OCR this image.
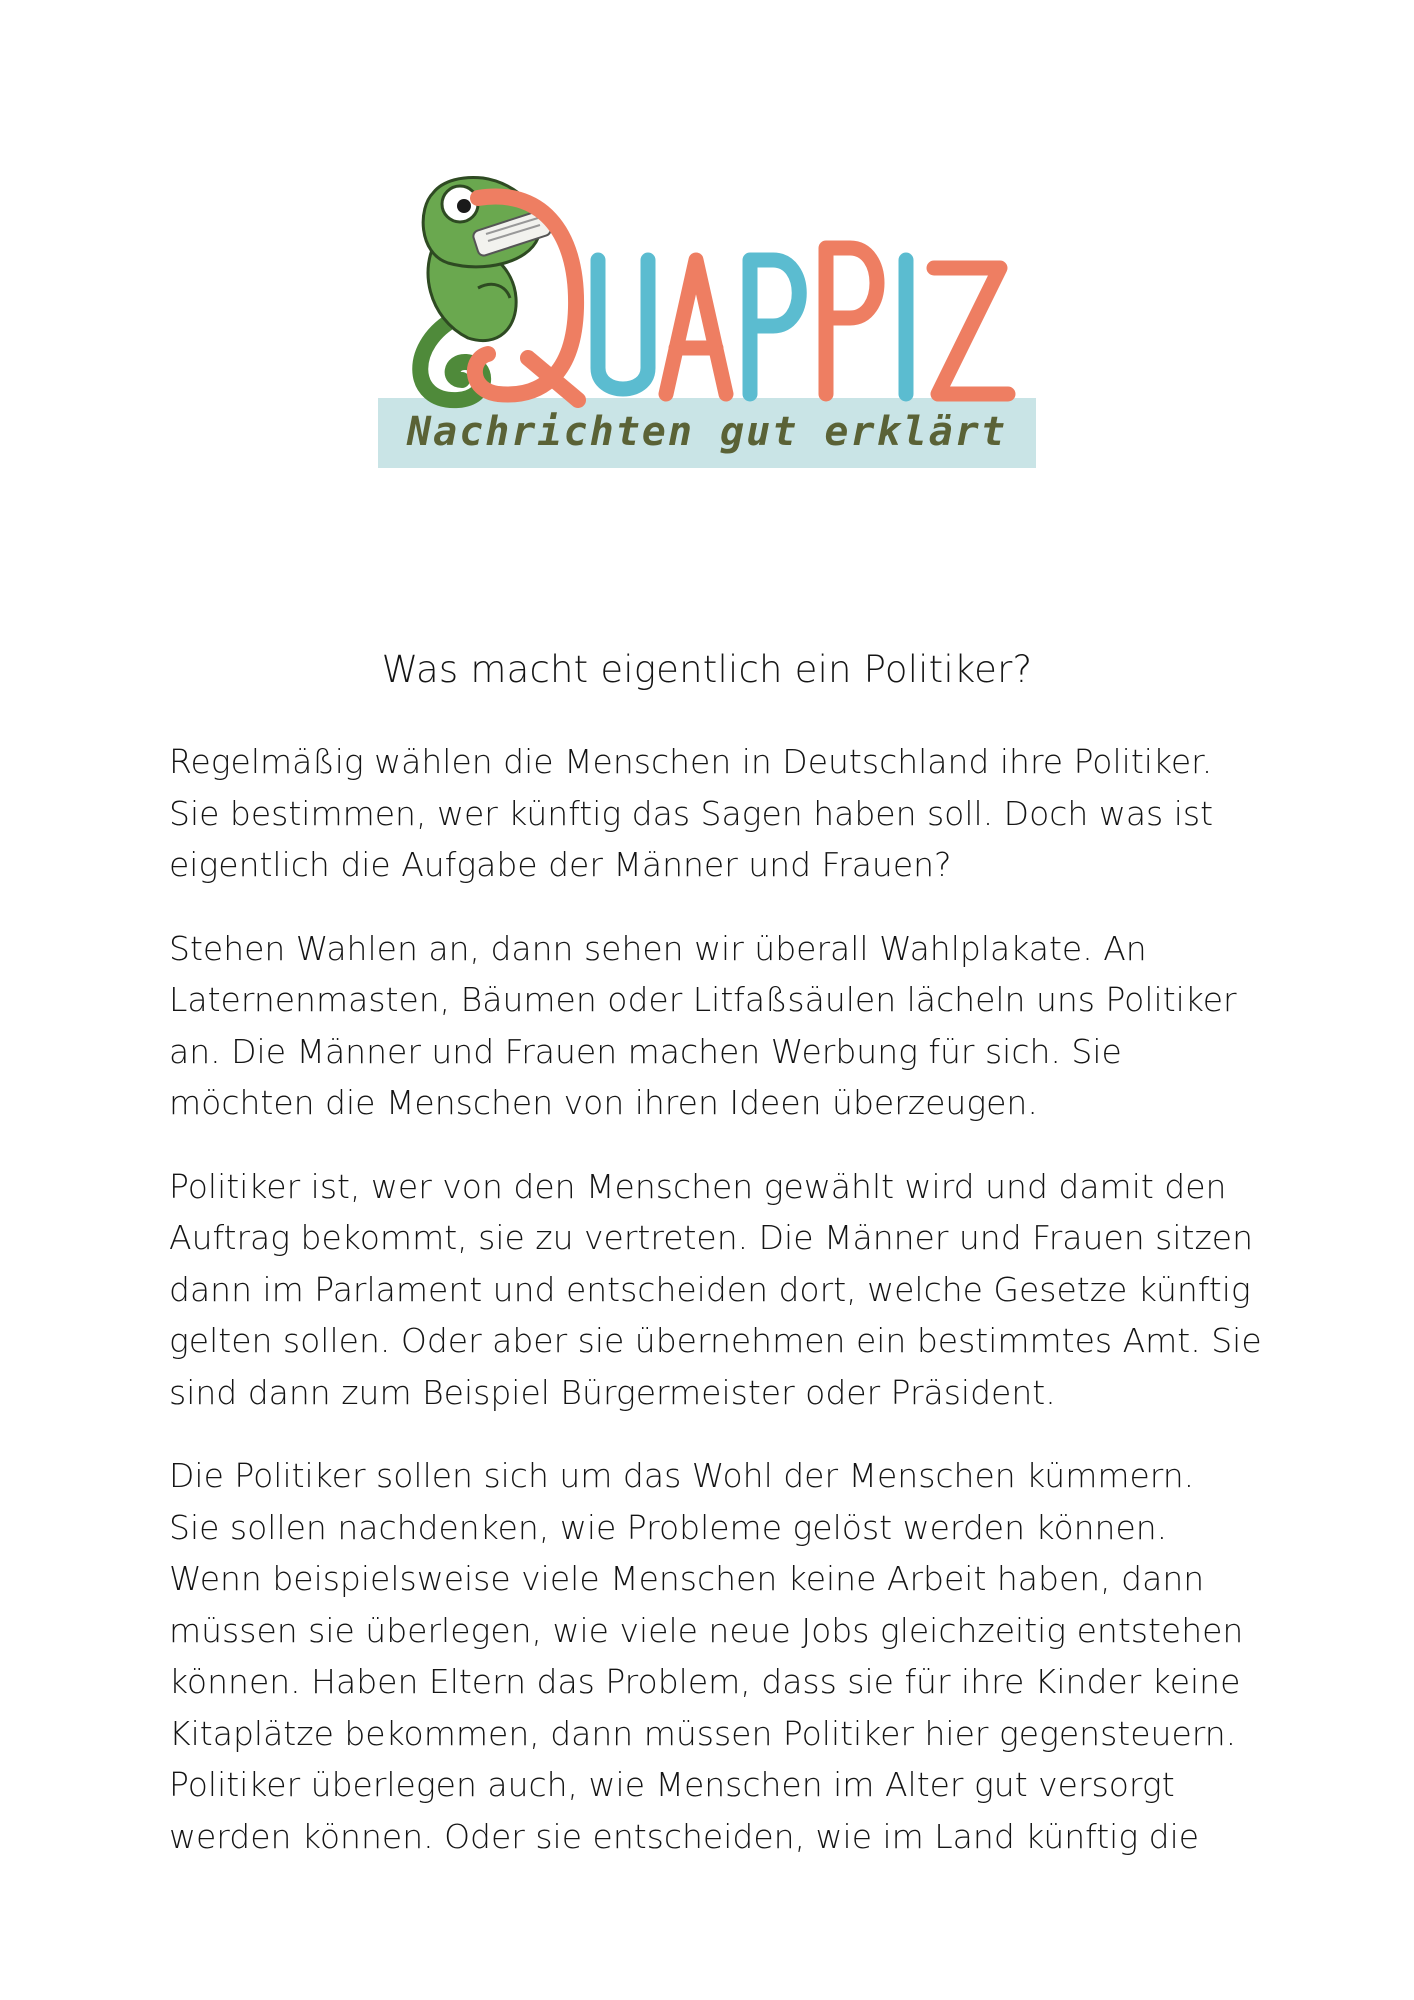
Nachrichten gut erklärt
Was macht eigentlich ein Politiker?

Regelmäßig wählen die Menschen in Deutschland ihre Politiker.
Sie bestimmen, wer künftig das Sagen haben soll. Doch was ist
eigentlich die Aufgabe der Männer und Frauen?

Stehen Wahlen an, dann sehen wir überall Wahlplakate. An
Laternenmasten, Bäumen oder Litfaßsäulen lächeln uns Politiker
an. Die Männer und Frauen machen Werbung für sich. Sie
möchten die Menschen von ihren Ideen überzeugen.

Politiker ist, wer von den Menschen gewählt wird und damit den
Auftrag bekommt, sie zu vertreten. Die Männer und Frauen sitzen
dann im Parlament und entscheiden dort, welche Gesetze künftig
gelten sollen. Oder aber sie übernehmen ein bestimmtes Amt. Sie
sind dann zum Beispiel Bürgermeister oder Präsident.

Die Politiker sollen sich um das Wohl der Menschen kümmern.
Sie sollen nachdenken, wie Probleme gelöst werden können.
Wenn beispielsweise viele Menschen keine Arbeit haben, dann
müssen sie überlegen, wie viele neue Jobs gleichzeitig entstehen
können. Haben Eltern das Problem, dass sie für ihre Kinder keine
Kitaplätze bekommen, dann müssen Politiker hier gegensteuern.
Politiker überlegen auch, wie Menschen im Alter gut versorgt
werden können. Oder sie entscheiden, wie im Land künftig die
